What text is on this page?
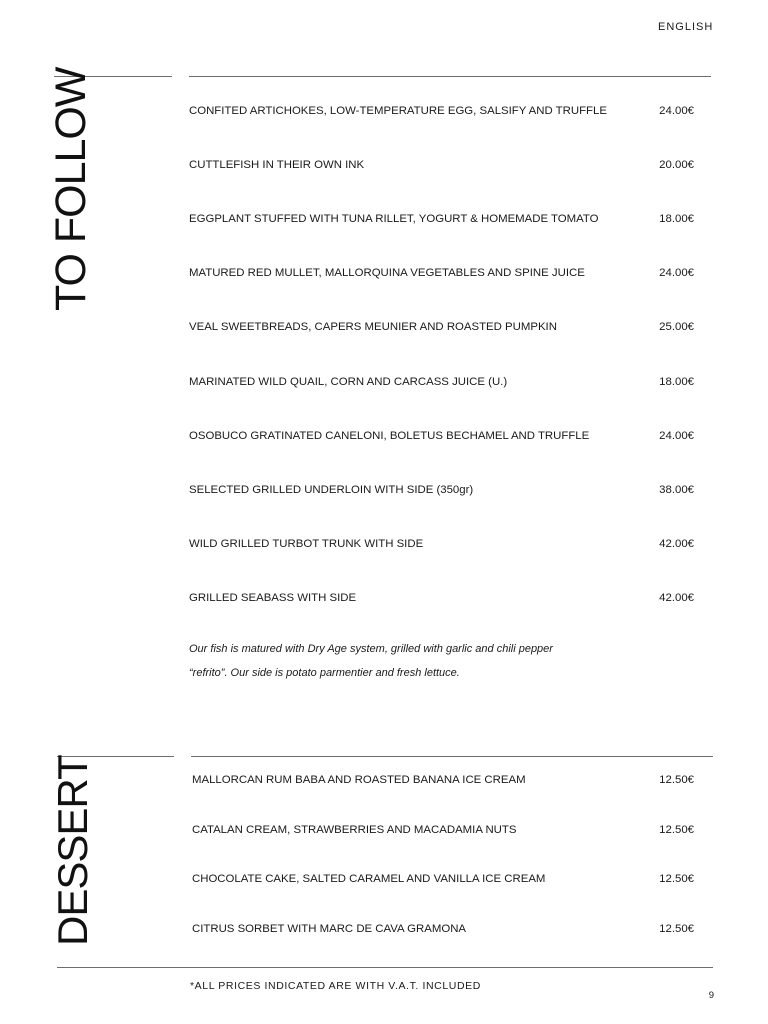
ENGLISH
TO FOLLOW	CONFITED ARTICHOKES, LOW-TEMPERATURE EGG, SALSIFY AND TRUFFLE	24.00€
CUTTLEFISH IN THEIR OWN INK	20.00€
EGGPLANT STUFFED WITH TUNA RILLET, YOGURT & HOMEMADE TOMATO	18.00€
MATURED RED MULLET, MALLORQUINA VEGETABLES AND SPINE JUICE	24.00€
VEAL SWEETBREADS, CAPERS MEUNIER AND ROASTED PUMPKIN	25.00€
MARINATED WILD QUAIL, CORN AND CARCASS JUICE (U.)	18.00€
OSOBUCO GRATINATED CANELONI, BOLETUS BECHAMEL AND TRUFFLE	24.00€
SELECTED GRILLED UNDERLOIN WITH SIDE (350gr)	38.00€
WILD GRILLED TURBOT TRUNK WITH SIDE	42.00€
GRILLED SEABASS WITH SIDE	42.00€
Our fish is matured with Dry Age system, grilled with garlic and chili pepper
“refrito”. Our side is potato parmentier and fresh lettuce.
DESSERT	MALLORCAN RUM BABA AND ROASTED BANANA ICE CREAM	12.50€
CATALAN CREAM, STRAWBERRIES AND MACADAMIA NUTS	12.50€
CHOCOLATE CAKE, SALTED CARAMEL AND VANILLA ICE CREAM	12.50€
CITRUS SORBET WITH MARC DE CAVA GRAMONA	12.50€
*ALL PRICES INDICATED ARE WITH V.A.T. INCLUDED
9
